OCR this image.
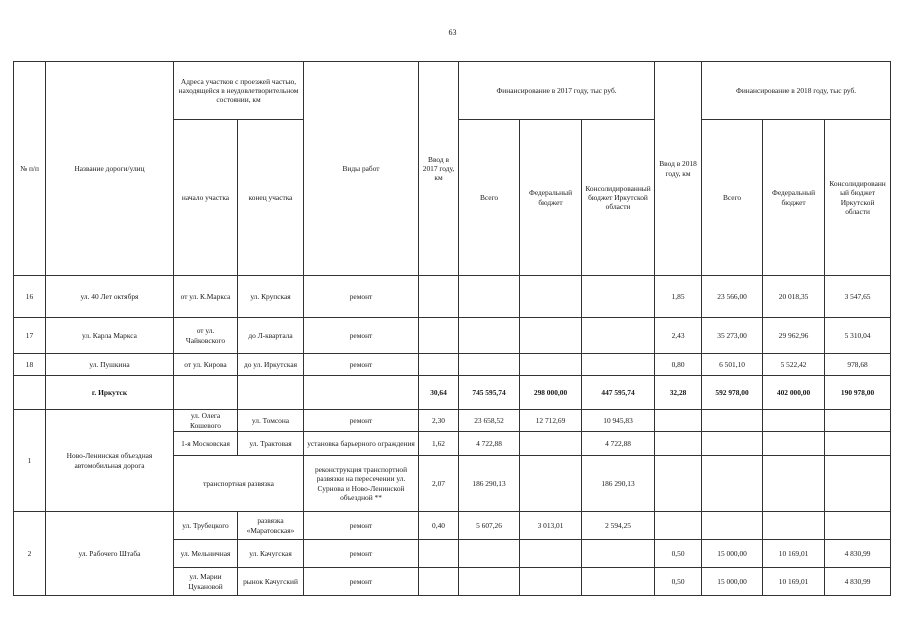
63
№ п/п	Название дороги/улиц	Адреса участков с проезжей частью, находящейся в неудовлетворительном состоянии, км		Виды работ	Ввод в 2017 году, км	Финансирование в 2017 году, тыс руб.			Ввод в 2018 году, км	Финансирование в 2018 году, тыс руб.		
		начало участка	конец участка			Всего	Федеральный бюджет	Консолидированный бюджет Иркутской области		Всего	Федеральный бюджет	Консолидированный бюджет Иркутской области
16	ул. 40 Лет октября	от ул. К.Маркса	ул. Крупская	ремонт					1,85	23 566,00	20 018,35	3 547,65
17	ул. Карла Маркса	от ул. Чайковского	до Л-квартала	ремонт					2,43	35 273,00	29 962,96	5 310,04
18	ул. Пушкина	от ул. Кирова	до ул. Иркутская	ремонт					0,80	6 501,10	5 522,42	978,68
	г. Иркутск				30,64	745 595,74	298 000,00	447 595,74	32,28	592 978,00	402 000,00	190 978,00
1	Ново-Ленинская объездная автомобильная дорога	ул. Олега Кошевого	ул. Томсона	ремонт	2,30	23 658,52	12 712,69	10 945,83				
		1-я Московская	ул. Трактовая	установка барьерного ограждения	1,62	4 722,88		4 722,88				
		транспортная развязка		реконструкция транспортной развязки на пересечении ул. Сурнова и Ново-Ленинской объездной **	2,07	186 290,13		186 290,13				
2	ул. Рабочего Штаба	ул. Трубецкого	развязка «Маратовская»	ремонт	0,40	5 607,26	3 013,01	2 594,25				
		ул. Мельничная	ул. Качугская	ремонт					0,50	15 000,00	10 169,01	4 830,99
		ул. Марии Цукановой	рынок Качугский	ремонт					0,50	15 000,00	10 169,01	4 830,99
